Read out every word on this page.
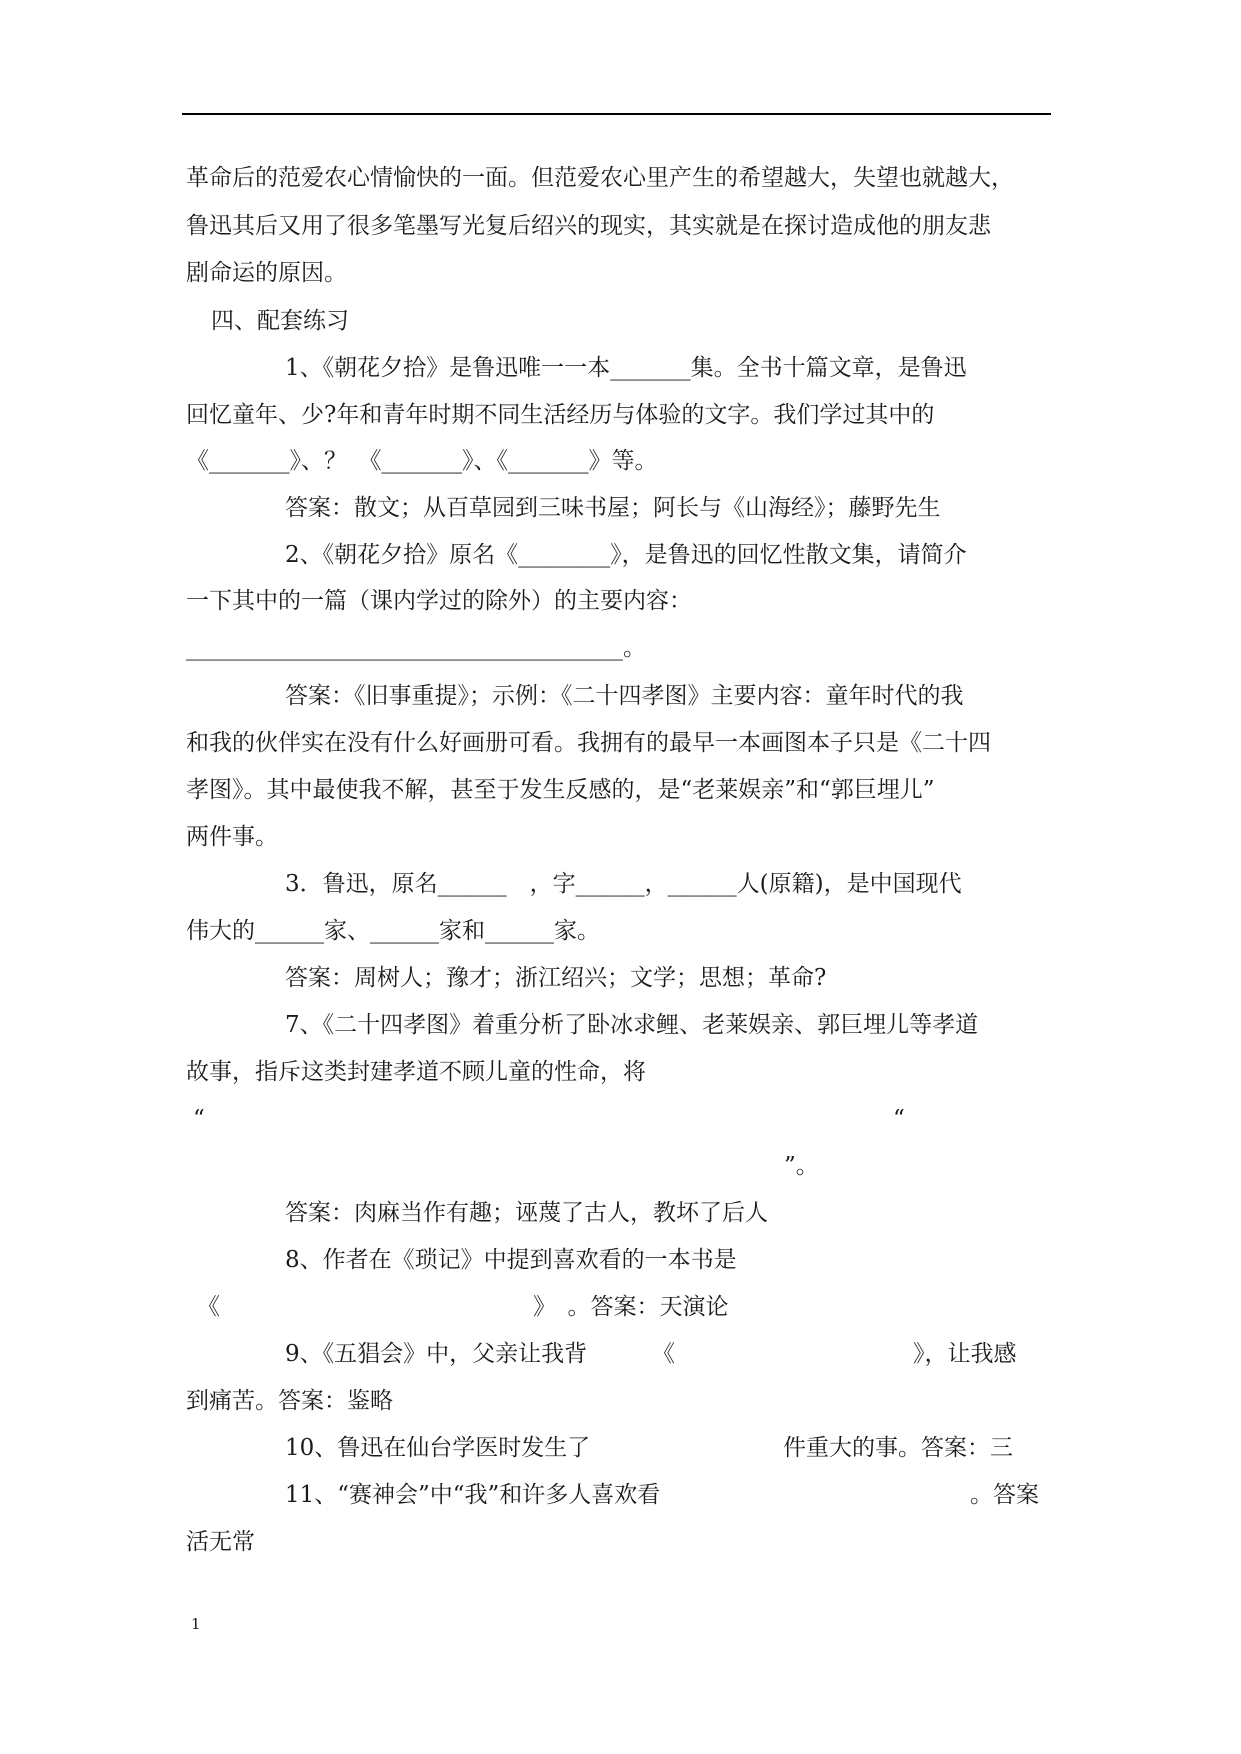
革命后的范爱农心情愉快的一面。但范爱农心里产生的希望越大，失望也就越大，
鲁迅其后又用了很多笔墨写光复后绍兴的现实，其实就是在探讨造成他的朋友悲
剧命运的原因。
四、配套练习
1、《朝花夕拾》是鲁迅唯一一本_______集。全书十篇文章，是鲁迅
回忆童年、少?年和青年时期不同生活经历与体验的文字。我们学过其中的
《_______》、？　《_______》、《_______》等。
答案：散文；从百草园到三味书屋；阿长与《山海经》；藤野先生
2、《朝花夕拾》原名《________》，是鲁迅的回忆性散文集，请简介
一下其中的一篇（课内学过的除外）的主要内容：
______________________________________。
答案：《旧事重提》；示例：《二十四孝图》主要内容：童年时代的我
和我的伙伴实在没有什么好画册可看。我拥有的最早一本画图本子只是《二十四
孝图》。其中最使我不解，甚至于发生反感的，是“老莱娱亲”和“郭巨埋儿”
两件事。
3．鲁迅，原名______　，字______，______人(原籍)，是中国现代
伟大的______家、______家和______家。
答案：周树人；豫才；浙江绍兴；文学；思想；革命?
7、《二十四孝图》着重分析了卧冰求鲤、老莱娱亲、郭巨埋儿等孝道
故事，指斥这类封建孝道不顾儿童的性命，将
“	“
”。
答案：肉麻当作有趣；诬蔑了古人，教坏了后人
8、作者在《琐记》中提到喜欢看的一本书是
《	》　。答案：天演论
9、《五猖会》中，父亲让我背	《	》，让我感
到痛苦。答案：鉴略
10、鲁迅在仙台学医时发生了	件重大的事。答案：三
11、“赛神会”中“我”和许多人喜欢看	。答案
活无常
1
